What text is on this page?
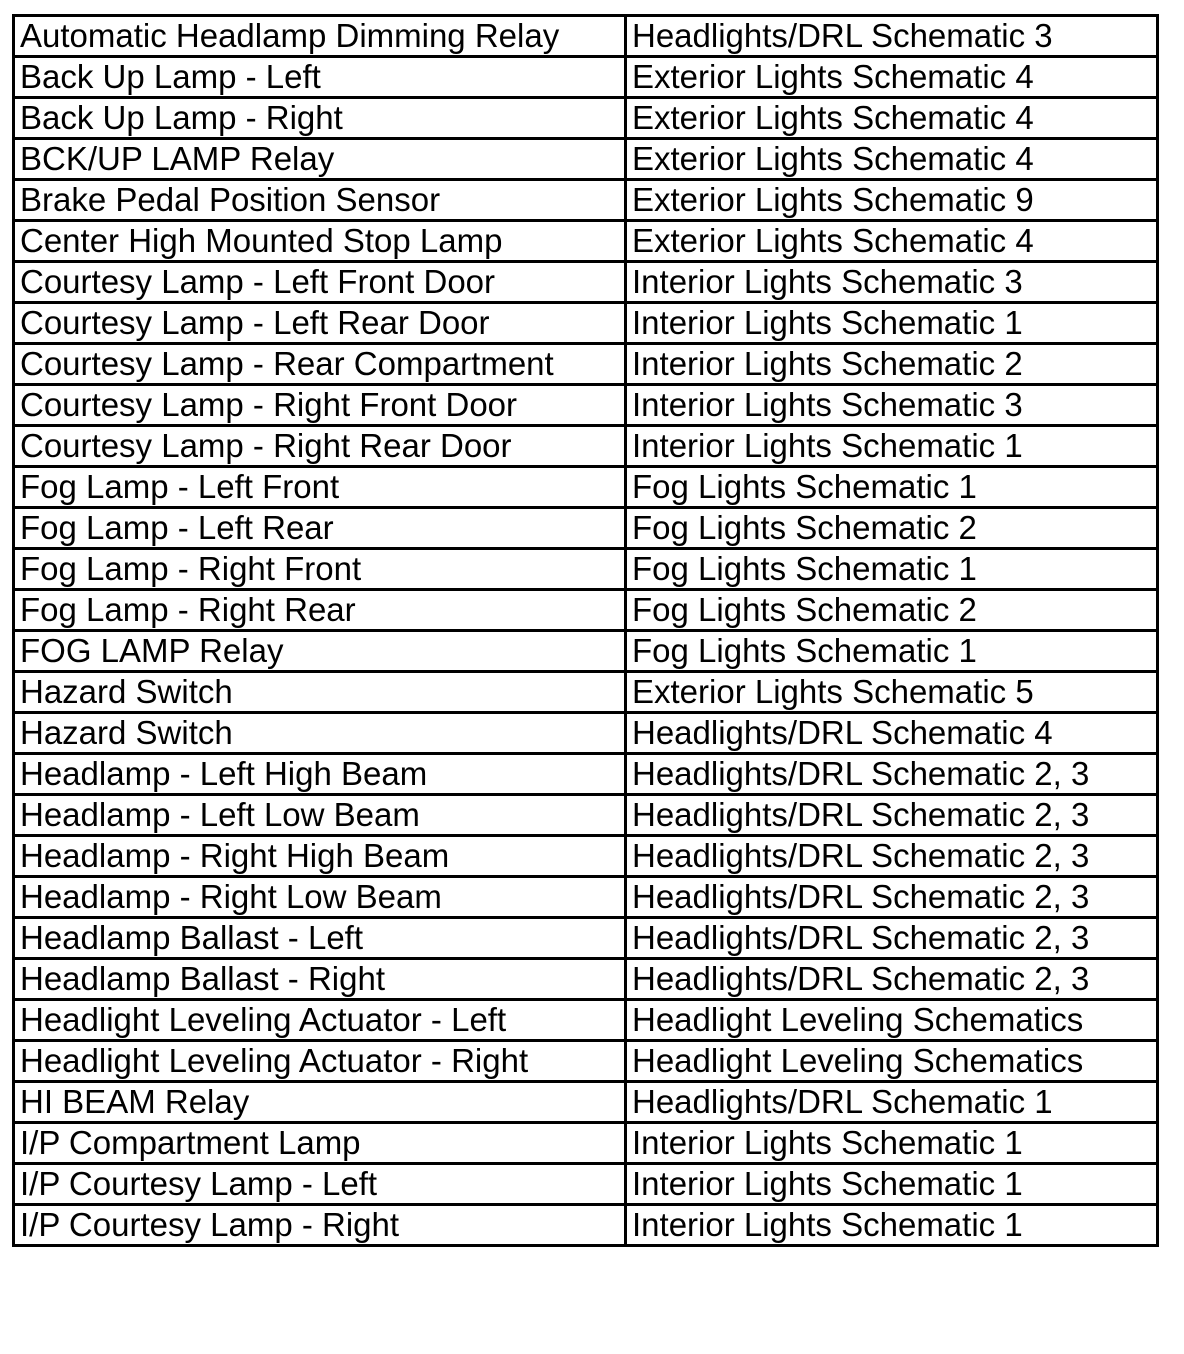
Automatic Headlamp Dimming Relay	Headlights/DRL Schematic 3
Back Up Lamp - Left	Exterior Lights Schematic 4
Back Up Lamp - Right	Exterior Lights Schematic 4
BCK/UP LAMP Relay	Exterior Lights Schematic 4
Brake Pedal Position Sensor	Exterior Lights Schematic 9
Center High Mounted Stop Lamp	Exterior Lights Schematic 4
Courtesy Lamp - Left Front Door	Interior Lights Schematic 3
Courtesy Lamp - Left Rear Door	Interior Lights Schematic 1
Courtesy Lamp - Rear Compartment	Interior Lights Schematic 2
Courtesy Lamp - Right Front Door	Interior Lights Schematic 3
Courtesy Lamp - Right Rear Door	Interior Lights Schematic 1
Fog Lamp - Left Front	Fog Lights Schematic 1
Fog Lamp - Left Rear	Fog Lights Schematic 2
Fog Lamp - Right Front	Fog Lights Schematic 1
Fog Lamp - Right Rear	Fog Lights Schematic 2
FOG LAMP Relay	Fog Lights Schematic 1
Hazard Switch	Exterior Lights Schematic 5
Hazard Switch	Headlights/DRL Schematic 4
Headlamp - Left High Beam	Headlights/DRL Schematic 2, 3
Headlamp - Left Low Beam	Headlights/DRL Schematic 2, 3
Headlamp - Right High Beam	Headlights/DRL Schematic 2, 3
Headlamp - Right Low Beam	Headlights/DRL Schematic 2, 3
Headlamp Ballast - Left	Headlights/DRL Schematic 2, 3
Headlamp Ballast - Right	Headlights/DRL Schematic 2, 3
Headlight Leveling Actuator - Left	Headlight Leveling Schematics
Headlight Leveling Actuator - Right	Headlight Leveling Schematics
HI BEAM Relay	Headlights/DRL Schematic 1
I/P Compartment Lamp	Interior Lights Schematic 1
I/P Courtesy Lamp - Left	Interior Lights Schematic 1
I/P Courtesy Lamp - Right	Interior Lights Schematic 1
